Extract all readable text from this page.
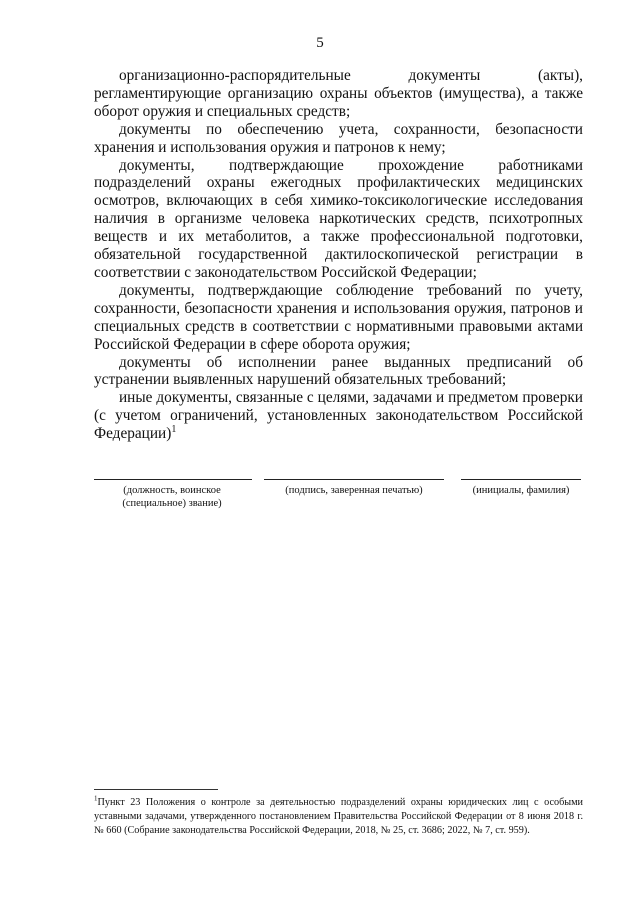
5

организационно-распорядительные документы (акты), регламентирующие организацию охраны объектов (имущества), а также оборот оружия и специальных средств;

документы по обеспечению учета, сохранности, безопасности хранения и использования оружия и патронов к нему;

документы, подтверждающие прохождение работниками подразделений охраны ежегодных профилактических медицинских осмотров, включающих в себя химико-токсикологические исследования наличия в организме человека наркотических средств, психотропных веществ и их метаболитов, а также профессиональной подготовки, обязательной государственной дактилоскопической регистрации в соответствии с законодательством Российской Федерации;

документы, подтверждающие соблюдение требований по учету, сохранности, безопасности хранения и использования оружия, патронов и специальных средств в соответствии с нормативными правовыми актами Российской Федерации в сфере оборота оружия;

документы об исполнении ранее выданных предписаний об устранении выявленных нарушений обязательных требований;

иные документы, связанные с целями, задачами и предметом проверки (с учетом ограничений, установленных законодательством Российской Федерации)$^1$

(должность, воинское (специальное) звание)
(подпись, заверенная печатью)	(инициалы, фамилия)

$^1$Пункт 23 Положения о контроле за деятельностью подразделений охраны юридических лиц с особыми уставными задачами, утвержденного постановлением Правительства Российской Федерации от 8 июня 2018 г. № 660 (Собрание законодательства Российской Федерации, 2018, № 25, ст. 3686; 2022, № 7, ст. 959).
